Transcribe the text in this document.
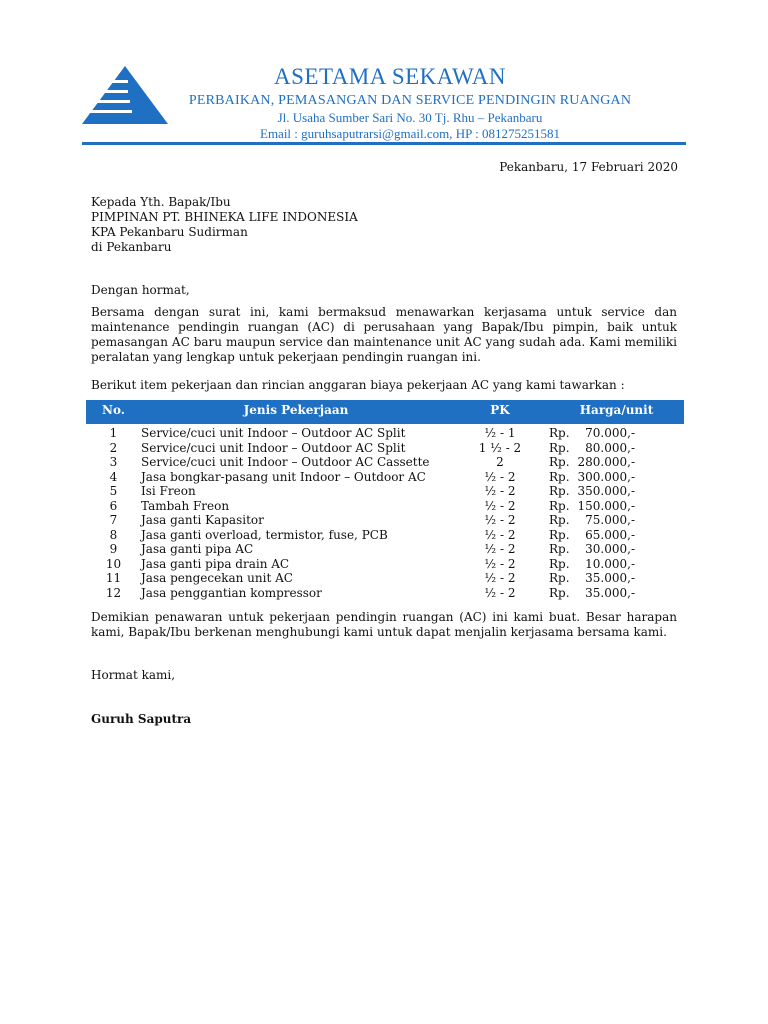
ASETAMA SEKAWAN
PERBAIKAN, PEMASANGAN DAN SERVICE PENDINGIN RUANGAN
Jl. Usaha Sumber Sari No. 30 Tj. Rhu – Pekanbaru
Email : guruhsaputrarsi@gmail.com, HP : 081275251581
Pekanbaru, 17 Februari 2020
Kepada Yth. Bapak/Ibu
PIMPINAN PT. BHINEKA LIFE INDONESIA
KPA Pekanbaru Sudirman
di Pekanbaru
Dengan hormat,
Bersama dengan surat ini, kami bermaksud menawarkan kerjasama untuk service dan maintenance pendingin ruangan (AC) di perusahaan yang Bapak/Ibu pimpin, baik untuk pemasangan AC baru maupun service dan maintenance unit AC yang sudah ada. Kami memiliki peralatan yang lengkap untuk pekerjaan pendingin ruangan ini.
Berikut item pekerjaan dan rincian anggaran biaya pekerjaan AC yang kami tawarkan :
No.	Jenis Pekerjaan	PK	Harga/unit
1	Service/cuci unit Indoor – Outdoor AC Split	½ - 1	Rp. 70.000,-
2	Service/cuci unit Indoor – Outdoor AC Split	1 ½ - 2	Rp. 80.000,-
3	Service/cuci unit Indoor – Outdoor AC Cassette	2	Rp. 280.000,-
4	Jasa bongkar-pasang unit Indoor – Outdoor AC	½ - 2	Rp. 300.000,-
5	Isi Freon	½ - 2	Rp. 350.000,-
6	Tambah Freon	½ - 2	Rp. 150.000,-
7	Jasa ganti Kapasitor	½ - 2	Rp. 75.000,-
8	Jasa ganti overload, termistor, fuse, PCB	½ - 2	Rp. 65.000,-
9	Jasa ganti pipa AC	½ - 2	Rp. 30.000,-
10	Jasa ganti pipa drain AC	½ - 2	Rp. 10.000,-
11	Jasa pengecekan unit AC	½ - 2	Rp. 35.000,-
12	Jasa penggantian kompressor	½ - 2	Rp. 35.000,-
Demikian penawaran untuk pekerjaan pendingin ruangan (AC) ini kami buat. Besar harapan kami, Bapak/Ibu berkenan menghubungi kami untuk dapat menjalin kerjasama bersama kami.
Hormat kami,
Guruh Saputra
